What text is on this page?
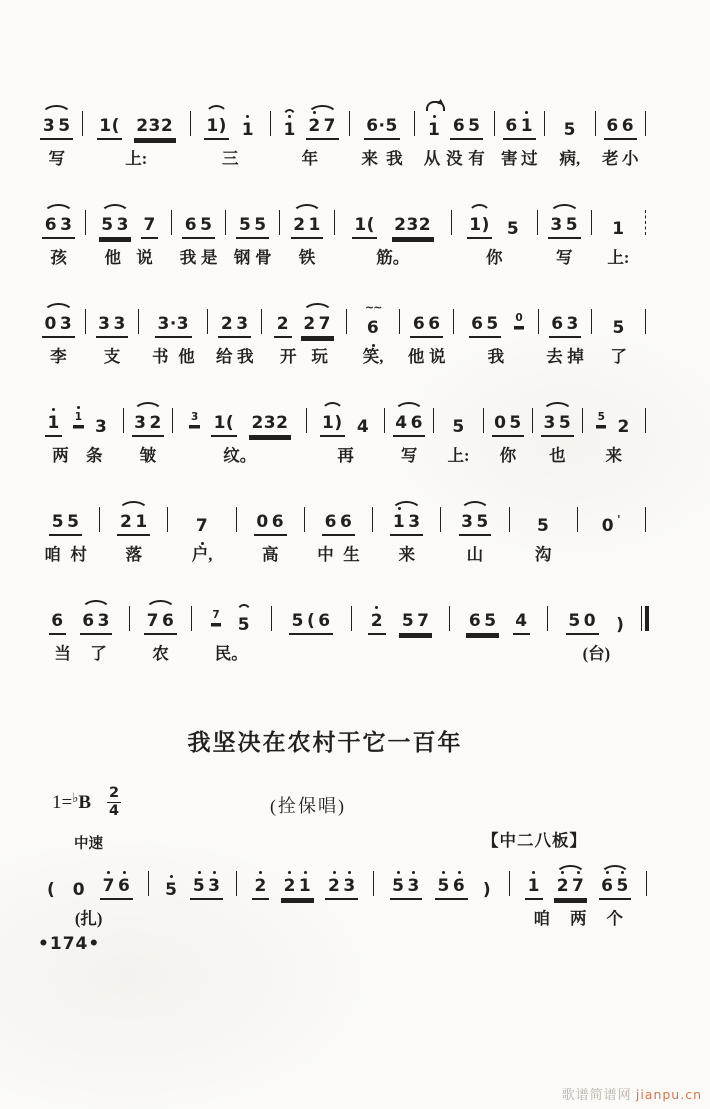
3 5
写
1( 232
上:
1) 1
三
1 2 7
年
6·5
来 我
1 6 5
从 没 有
6 1
害 过
5
病,
6 6
老 小
6 3
孩
5 3 7
他 说
6 5
我 是
5 5
钢 骨
2 1
铁
1( 232
筋。
1) 5
你
3 5
写
1
上:
0 3
李
3 3
支
3·3
书 他
2 3
给 我
2 2 7
开 玩
6
~~
笑,
6 6
他 说
6 5 0
我
6 3
去 掉
5
了
1 1 3
两 条
3 2
皱
3 1( 232
纹。
1) 4
再
4 6
写
5
上:
0 5
你
3 5
也
5 2
来
5 5
咱 村
2 1
落
7
户,
0 6
高
6 6
中 生
1 3
来
3 5
山
5
沟
0 '
6 6 3
当 了
7 6
农
7 5
民。
5 ( 6 2 5 7 6 5 4 5 0 )
(台)
我坚决在农村干它一百年
$1=^♭B \frac{2}{4}$	(拴保唱)
中速	【中二八板】
( 0 7 6
(扎)
5 5 3 2 2 1 2 3 5 3 5 6 ) 1 2 7 6 5
咱 两 个
•174•
歌谱简谱网 jianpu.cn
